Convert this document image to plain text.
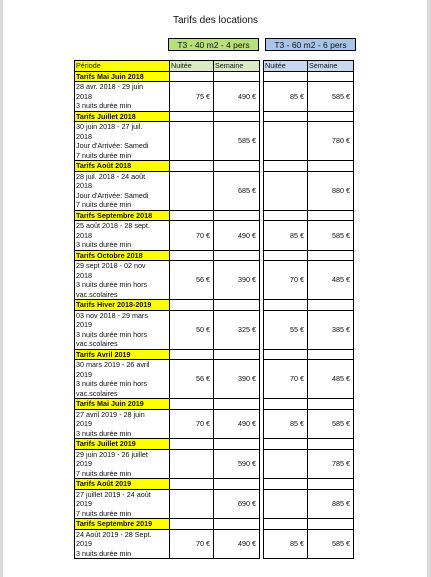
Tarifs des locations
T3 - 40 m2 - 4 pers	T3 - 60 m2 - 6 pers
Période	Nuitée	Semaine		Nuitée	Semaine
Tarifs Mai Juin 2018					

28 avr. 2018 - 29 juin
2018
3 nuits durée min	75 €	490 €		85 €	585 €
Tarifs Juillet 2018					

30 juin 2018 - 27 juil.
2018
Jour d'Arrivée: Samedi
7 nuits durée min		585 €			780 €
Tarifs Août 2018					

28 juil. 2018 - 24 août
2018
Jour d'Arrivée: Samedi
7 nuits durée min		685 €			880 €
Tarifs Septembre 2018					

25 août 2018 - 28 sept.
2018
3 nuits durée min	70 €	490 €		85 €	585 €
Tarifs Octobre 2018					

29 sept 2018 - 02 nov
2018
3 nuits durée min hors
vac.scolaires	56 €	390 €		70 €	485 €
Tarifs Hiver 2018-2019					

03 nov 2018 - 29 mars
2019
3 nuits durée min hors
vac.scolaires	50 €	325 €		55 €	385 €
Tarifs Avril 2019					

30 mars 2019 - 26 avril
2019
3 nuits durée min hors
vac.scolaires	56 €	390 €		70 €	485 €
Tarifs Mai Juin 2019					

27 avril 2019 - 28 juin
2019
3 nuits durée min	70 €	490 €		85 €	585 €
Tarifs Juillet 2019					

29 juin 2019 - 26 juillet
2019
7 nuits durée min		590 €			785 €
Tarifs Août 2019					

27 juillet 2019 - 24 août
2019
7 nuits durée min		690 €			885 €
Tarifs Septembre 2019					

24 Août 2019 - 28 Sept.
2019
3 nuits durée min	70 €	490 €		85 €	585 €
